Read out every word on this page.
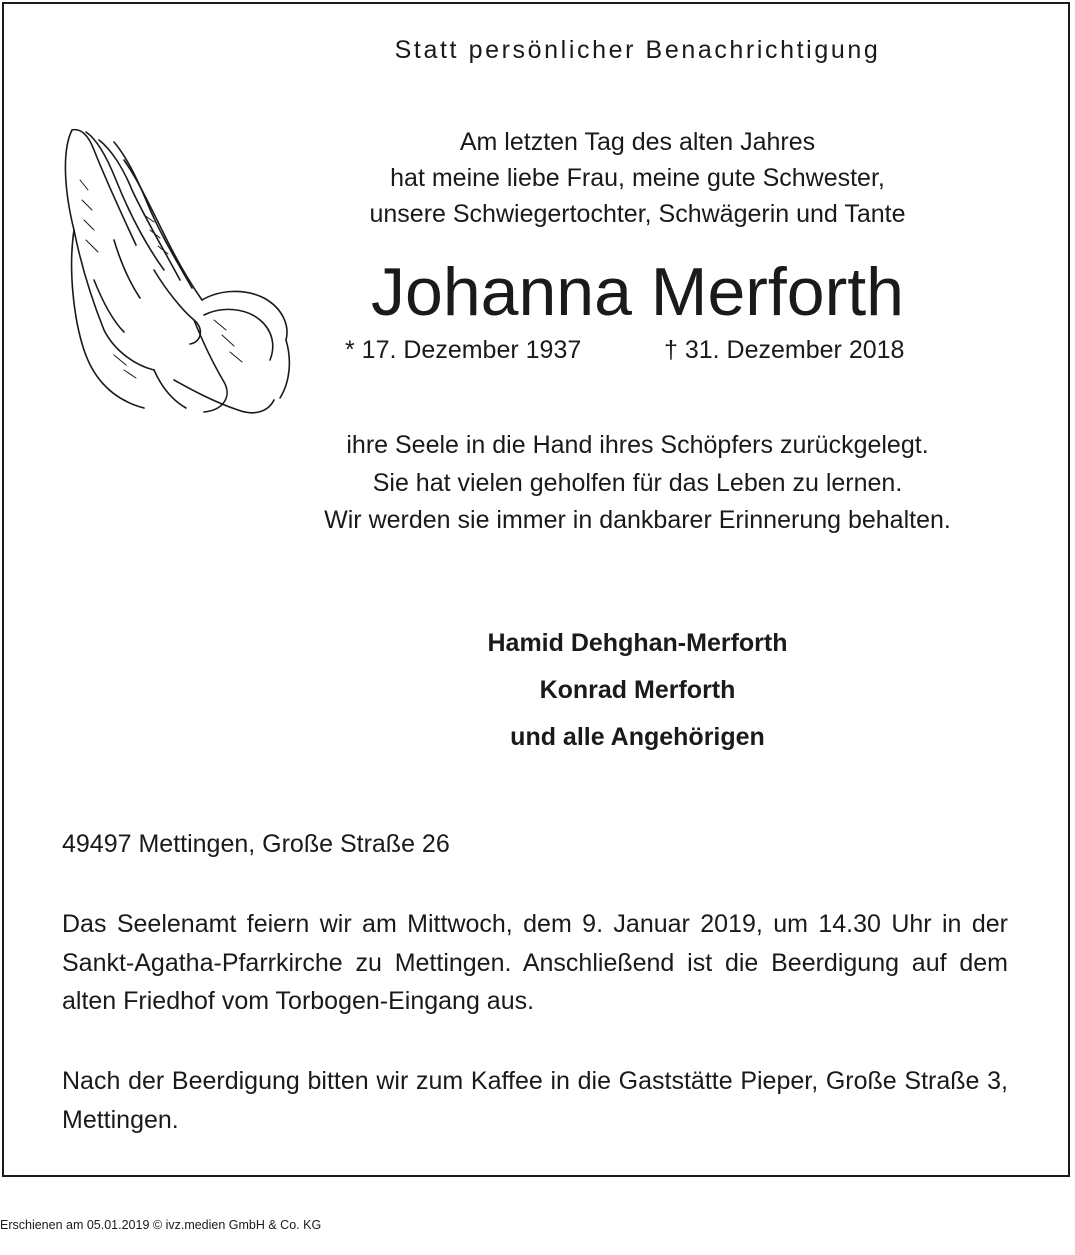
Statt persönlicher Benachrichtigung
Am letzten Tag des alten Jahres
hat meine liebe Frau, meine gute Schwester,
unsere Schwiegertochter, Schwägerin und Tante
Johanna Merforth
* 17. Dezember 1937	† 31. Dezember 2018
ihre Seele in die Hand ihres Schöpfers zurückgelegt.
Sie hat vielen geholfen für das Leben zu lernen.
Wir werden sie immer in dankbarer Erinnerung behalten.
Hamid Dehghan-Merforth
Konrad Merforth
und alle Angehörigen
49497 Mettingen, Große Straße 26
Das Seelenamt feiern wir am Mittwoch, dem 9. Januar 2019, um 14.30 Uhr in der Sankt-Agatha-Pfarrkirche zu Mettingen. Anschließend ist die Beerdigung auf dem alten Friedhof vom Torbogen-Eingang aus.
Nach der Beerdigung bitten wir zum Kaffee in die Gaststätte Pieper, Große Straße 3, Mettingen.
Erschienen am 05.01.2019 © ivz.medien GmbH & Co. KG
